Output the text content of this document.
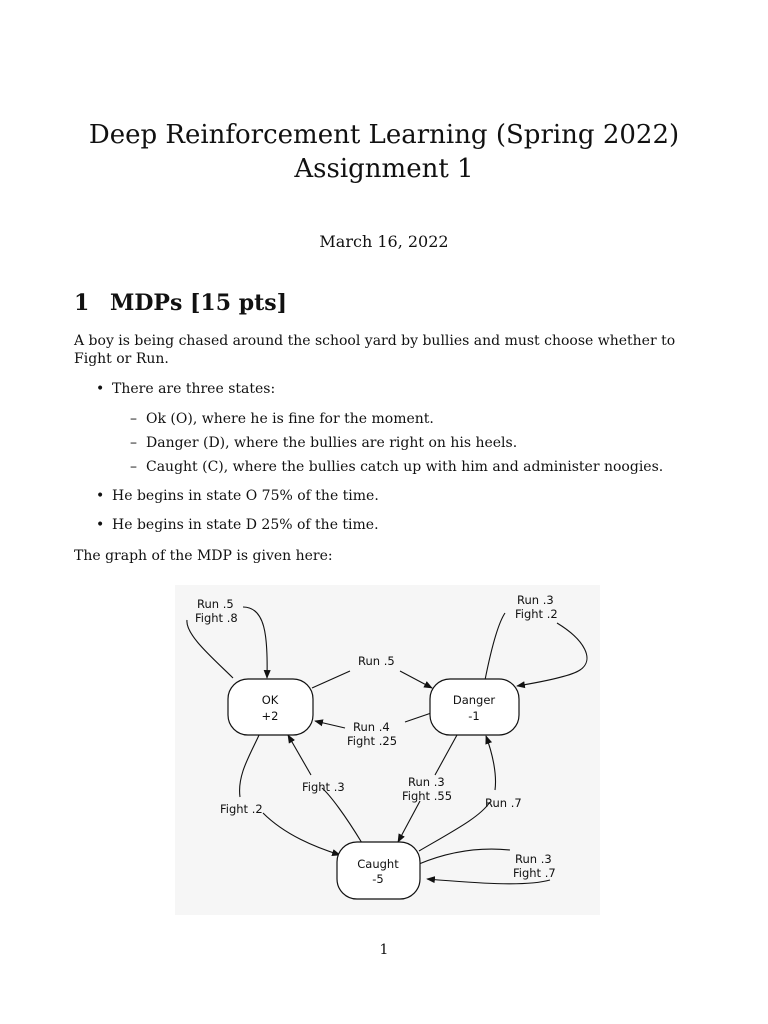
Deep Reinforcement Learning (Spring 2022)
Assignment 1
March 16, 2022
1 MDPs [15 pts]
A boy is being chased around the school yard by bullies and must choose whether to Fight or Run.
• There are three states:
– Ok (O), where he is fine for the moment.
– Danger (D), where the bullies are right on his heels.
– Caught (C), where the bullies catch up with him and administer noogies.
• He begins in state O 75% of the time.
• He begins in state D 25% of the time.
The graph of the MDP is given here:
OK
+2
Danger
-1
Caught
-5
Run .5
Fight .8
Run .3
Fight .2
Run .5
Run .4
Fight .25
Fight .3
Fight .2
Run .3
Fight .55	Run .7
Run .3
Fight .7
1
